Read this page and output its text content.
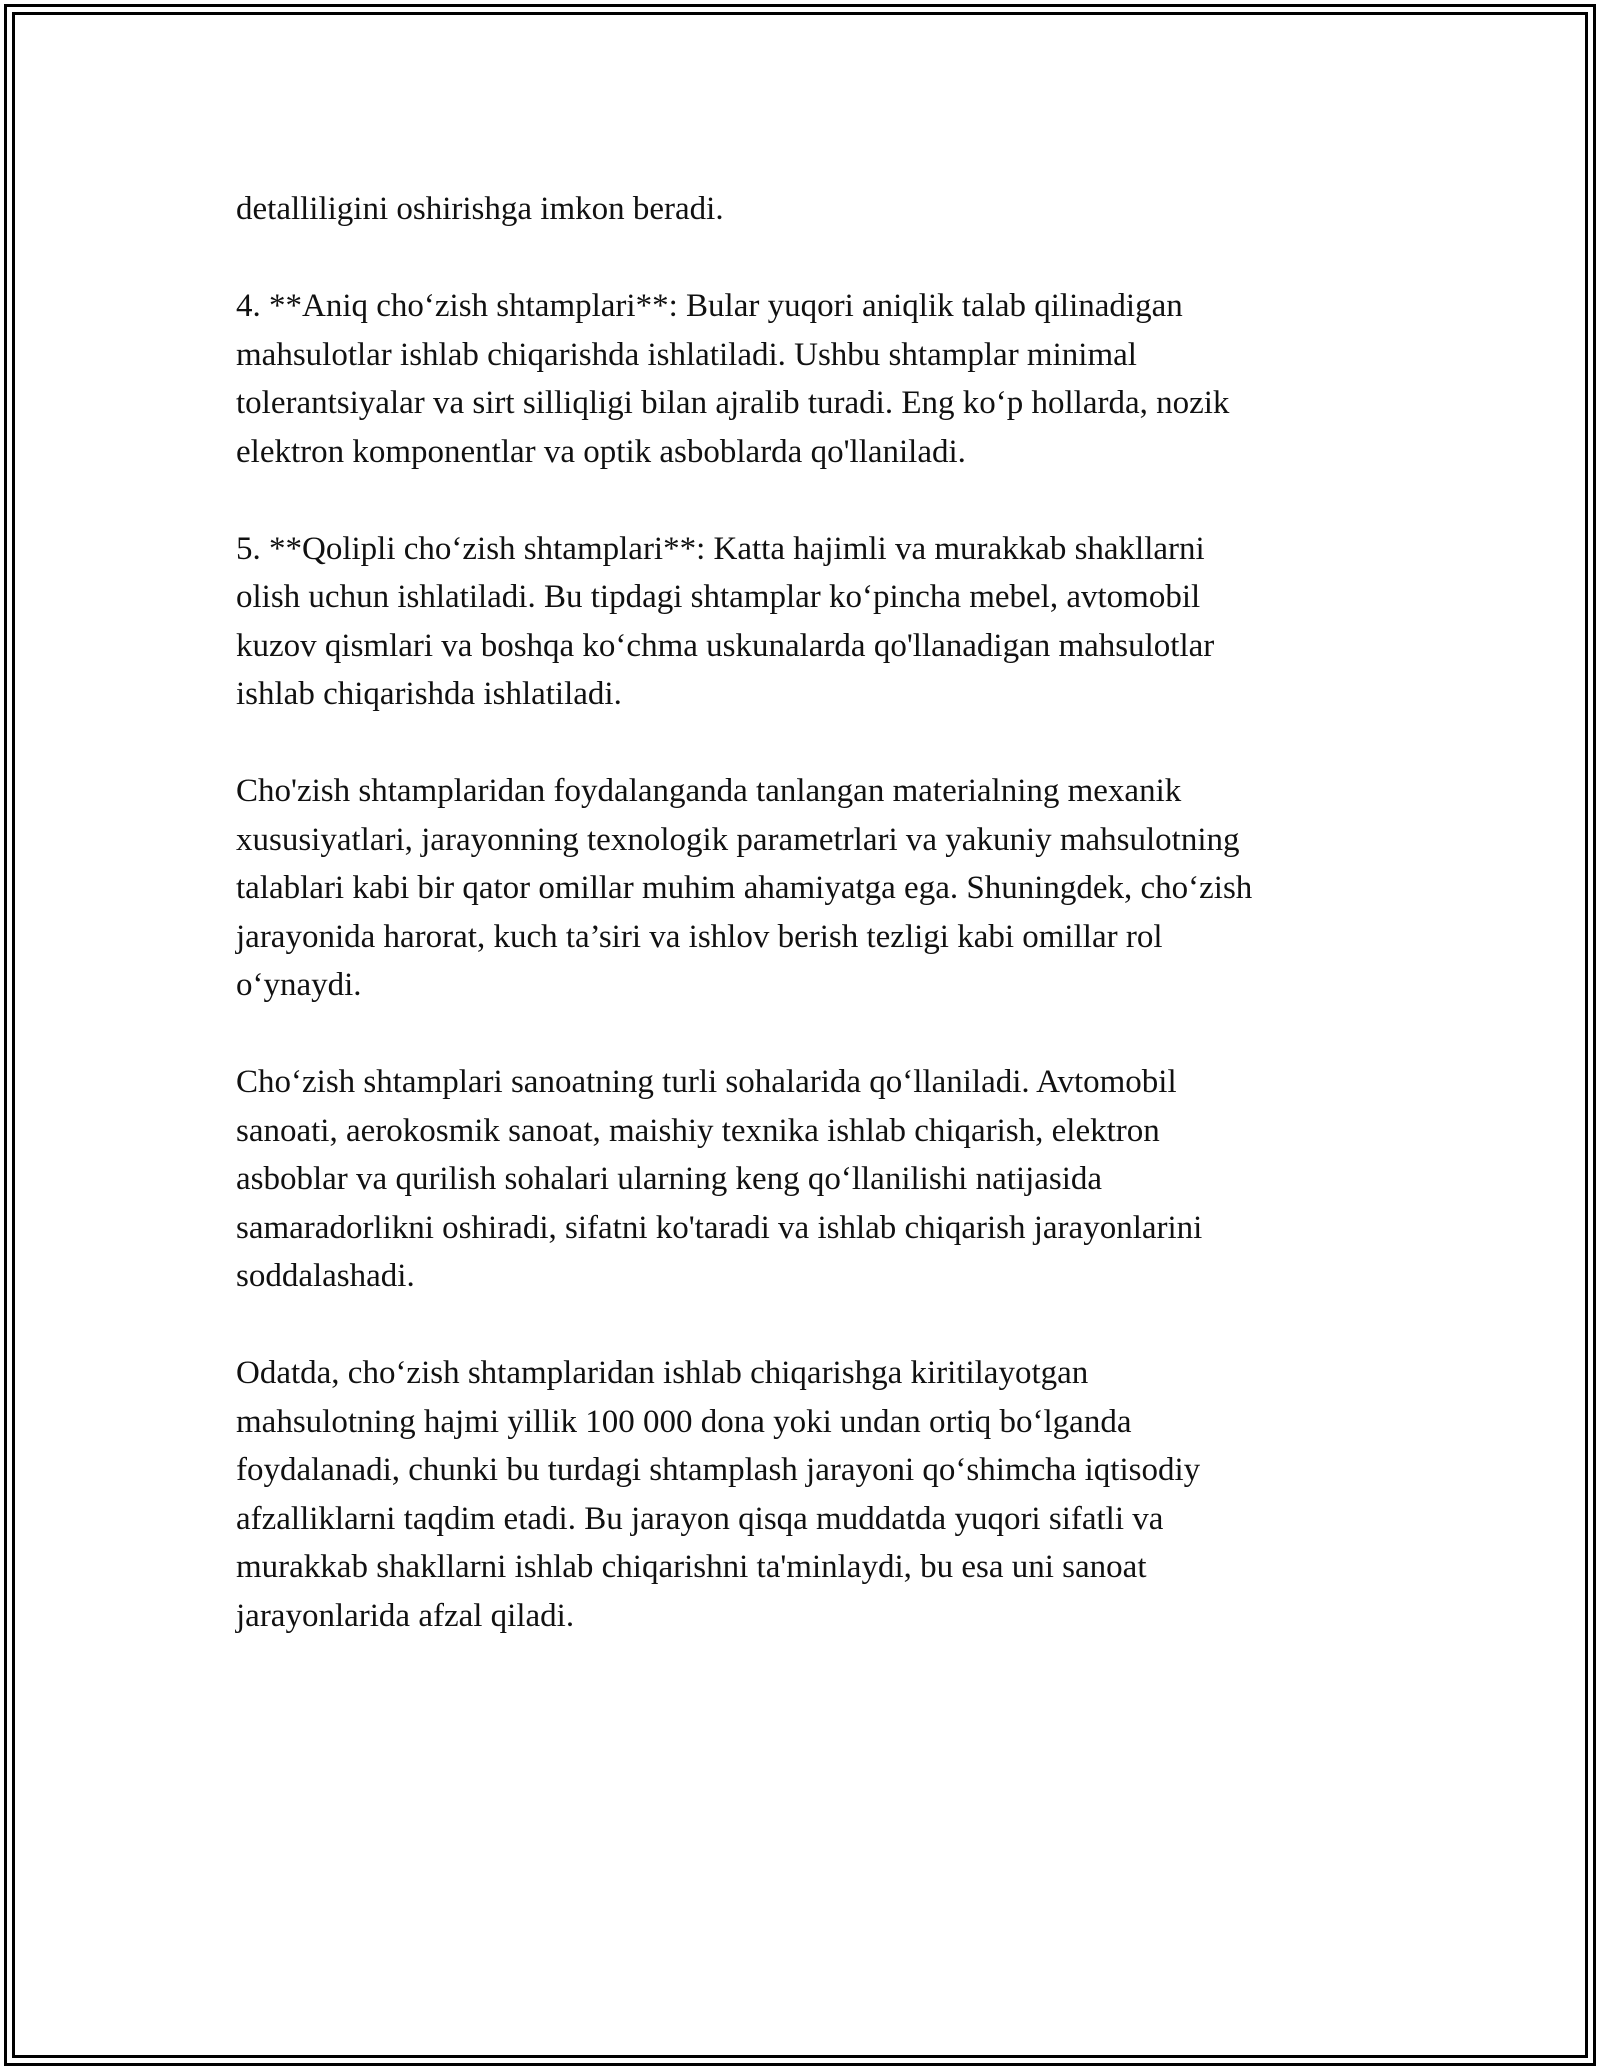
detalliligini oshirishga imkon beradi.

4. **Aniq cho‘zish shtamplari**: Bular yuqori aniqlik talab qilinadigan
mahsulotlar ishlab chiqarishda ishlatiladi. Ushbu shtamplar minimal
tolerantsiyalar va sirt silliqligi bilan ajralib turadi. Eng ko‘p hollarda, nozik
elektron komponentlar va optik asboblarda qo'llaniladi.

5. **Qolipli cho‘zish shtamplari**: Katta hajimli va murakkab shakllarni
olish uchun ishlatiladi. Bu tipdagi shtamplar ko‘pincha mebel, avtomobil
kuzov qismlari va boshqa ko‘chma uskunalarda qo'llanadigan mahsulotlar
ishlab chiqarishda ishlatiladi.

Cho'zish shtamplaridan foydalanganda tanlangan materialning mexanik
xususiyatlari, jarayonning texnologik parametrlari va yakuniy mahsulotning
talablari kabi bir qator omillar muhim ahamiyatga ega. Shuningdek, cho‘zish
jarayonida harorat, kuch ta’siri va ishlov berish tezligi kabi omillar rol
o‘ynaydi.

Cho‘zish shtamplari sanoatning turli sohalarida qo‘llaniladi. Avtomobil
sanoati, aerokosmik sanoat, maishiy texnika ishlab chiqarish, elektron
asboblar va qurilish sohalari ularning keng qo‘llanilishi natijasida
samaradorlikni oshiradi, sifatni ko'taradi va ishlab chiqarish jarayonlarini
soddalashadi.

Odatda, cho‘zish shtamplaridan ishlab chiqarishga kiritilayotgan
mahsulotning hajmi yillik 100 000 dona yoki undan ortiq bo‘lganda
foydalanadi, chunki bu turdagi shtamplash jarayoni qo‘shimcha iqtisodiy
afzalliklarni taqdim etadi. Bu jarayon qisqa muddatda yuqori sifatli va
murakkab shakllarni ishlab chiqarishni ta'minlaydi, bu esa uni sanoat
jarayonlarida afzal qiladi.
